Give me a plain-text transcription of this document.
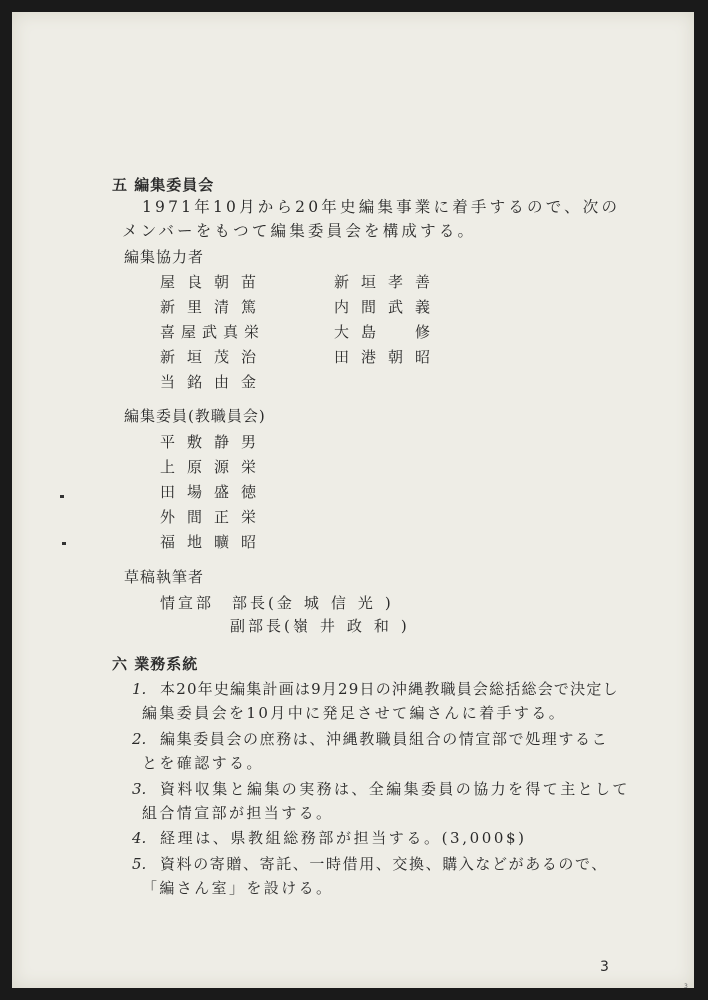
五 編集委員会
1971年10月から20年史編集事業に着手するので、次の
メンバーをもつて編集委員会を構成する。
編集協力者
屋良朝苗	新垣孝善
新里清篤	内間武義
喜屋武真栄	大島　修
新垣茂治	田港朝昭
当銘由金
編集委員(教職員会)
平敷静男
上原源栄
田場盛徳
外間正栄
福地曠昭
草稿執筆者
情宣部　部長(金城信光)
副部長(嶺井政和)
六 業務系統
1. 本20年史編集計画は9月29日の沖縄教職員会総括総会で決定し
編集委員会を10月中に発足させて編さんに着手する。
2. 編集委員会の庶務は、沖縄教職員組合の情宣部で処理するこ
とを確認する。
3. 資料収集と編集の実務は、全編集委員の協力を得て主として
組合情宣部が担当する。
4. 経理は、県教組総務部が担当する。(3,000$)
5. 資料の寄贈、寄託、一時借用、交換、購入などがあるので、
「編さん室」を設ける。
3
3
